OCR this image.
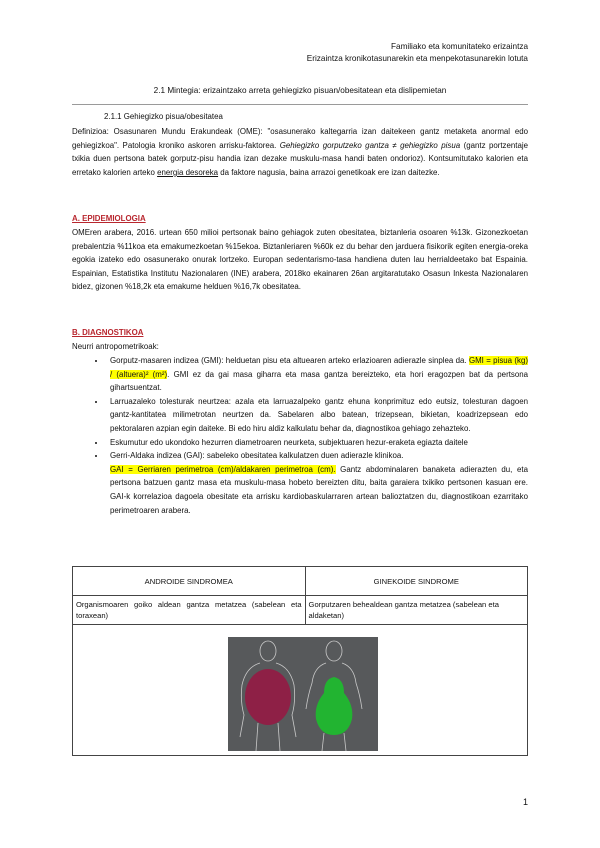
Familiako eta komunitateko erizaintza
Erizaintza kronikotasunarekin eta menpekotasunarekin lotuta
2.1 Mintegia: erizaintzako arreta gehiegizko pisuan/obesitatean eta dislipemietan
2.1.1 Gehiegizko pisua/obesitatea
Definizioa: Osasunaren Mundu Erakundeak (OME): "osasunerako kaltegarria izan daitekeen gantz metaketa anormal edo gehiegizkoa". Patologia kroniko askoren arrisku-faktorea. Gehiegizko gorputzeko gantza ≠ gehiegizko pisua (gantz portzentaje txikia duen pertsona batek gorputz-pisu handia izan dezake muskulu-masa handi baten ondorioz). Kontsumitutako kalorien eta erretako kalorien arteko energia desoreka da faktore nagusia, baina arrazoi genetikoak ere izan daitezke.
A. EPIDEMIOLOGIA
OMEren arabera, 2016. urtean 650 milioi pertsonak baino gehiagok zuten obesitatea, biztanleria osoaren %13k. Gizonezkoetan prebalentzia %11koa eta emakumezkoetan %15ekoa. Biztanleriaren %60k ez du behar den jarduera fisikorik egiten energia-oreka egokia izateko edo osasunerako onurak lortzeko. Europan sedentarismo-tasa handiena duten lau herrialdeetako bat Espainia. Espainian, Estatistika Institutu Nazionalaren (INE) arabera, 2018ko ekainaren 26an argitaratutako Osasun Inkesta Nazionalaren bidez, gizonen %18,2k eta emakume helduen %16,7k obesitatea.
B. DIAGNOSTIKOA
Neurri antropometrikoak:
• Gorputz-masaren indizea (GMI): helduetan pisu eta altuearen arteko erlazioaren adierazle sinplea da. GMI = pisua (kg) / (altuera)² (m²). GMI ez da gai masa giharra eta masa gantza bereizteko, eta hori eragozpen bat da pertsona gihartsuentzat.
• Larruazaleko tolesturak neurtzea: azala eta larruazalpeko gantz ehuna konprimituz edo eutsiz, tolesturan dagoen gantz-kantitatea milimetrotan neurtzen da. Sabelaren albo batean, trizepsean, bikietan, koadrizepsean edo pektoralaren azpian egin daiteke. Bi edo hiru aldiz kalkulatu behar da, diagnostikoa gehiago zehazteko.
• Eskumutur edo ukondoko hezurren diametroaren neurketa, subjektuaren hezur-eraketa egiazta daitele
• Gerri-Aldaka indizea (GAI): sabeleko obesitatea kalkulatzen duen adierazle klinikoa.
GAI = Gerriaren perimetroa (cm)/aldakaren perimetroa (cm). Gantz abdominalaren banaketa adierazten du, eta pertsona batzuen gantz masa eta muskulu-masa hobeto bereizten ditu, baita garaiera txikiko pertsonen kasuan ere. GAI-k korrelazioa dagoela obesitate eta arrisku kardiobaskularraren artean balioztatzen du, diagnostikoan ezarritako perimetroaren arabera.
ANDROIDE SINDROMEA	GINEKOIDE SINDROME
Organismoaren goiko aldean gantza metatzea (sabelean eta toraxean)	Gorputzaren behealdean gantza metatzea (sabelean eta aldaketan)

1
